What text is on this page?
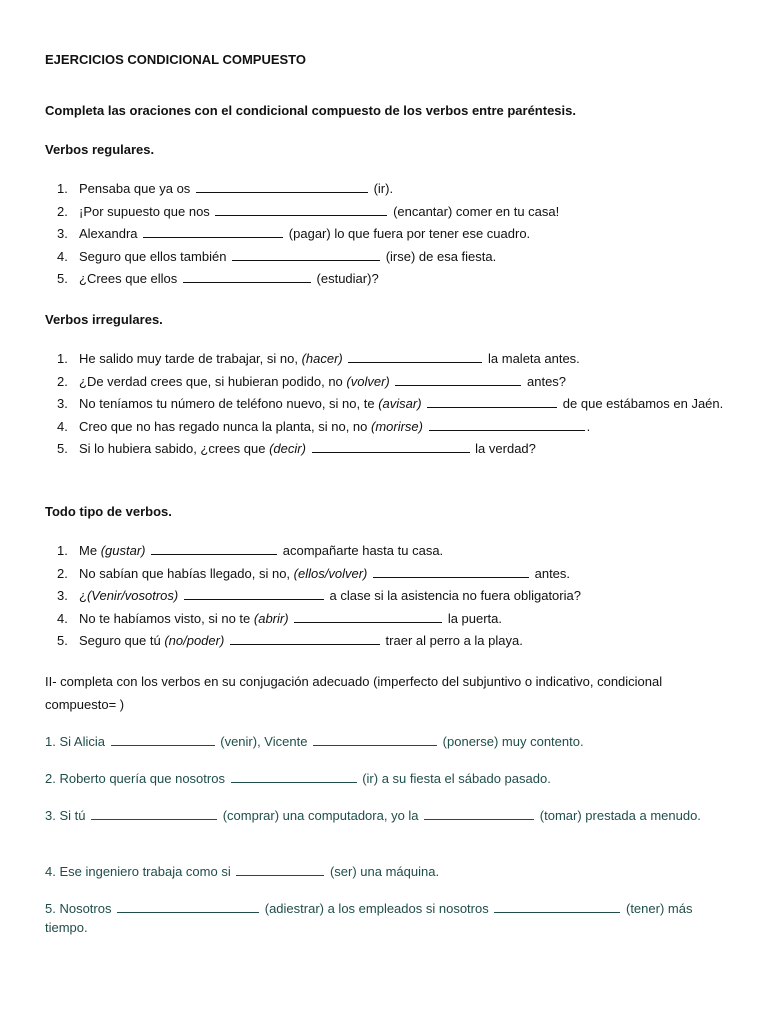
EJERCICIOS CONDICIONAL COMPUESTO
Completa las oraciones con el condicional compuesto de los verbos entre paréntesis.
Verbos regulares.
1. Pensaba que ya os	(ir).
2. ¡Por supuesto que nos	(encantar) comer en tu casa!
3. Alexandra	(pagar) lo que fuera por tener ese cuadro.
4. Seguro que ellos también	(irse) de esa fiesta.
5. ¿Crees que ellos	(estudiar)?
Verbos irregulares.
1. He salido muy tarde de trabajar, si no, (hacer)	la maleta antes.
2. ¿De verdad crees que, si hubieran podido, no (volver)	antes?
3. No teníamos tu número de teléfono nuevo, si no, te (avisar)	de que estábamos en Jaén.
4. Creo que no has regado nunca la planta, si no, no (morirse)	.
5. Si lo hubiera sabido, ¿crees que (decir)	la verdad?
Todo tipo de verbos.
1. Me (gustar)	acompañarte hasta tu casa.
2. No sabían que habías llegado, si no, (ellos/volver)	antes.
3. ¿(Venir/vosotros)	a clase si la asistencia no fuera obligatoria?
4. No te habíamos visto, si no te (abrir)	la puerta.
5. Seguro que tú (no/poder)	traer al perro a la playa.
II- completa con los verbos en su conjugación adecuado (imperfecto del subjuntivo o indicativo, condicional compuesto= )
1. Si Alicia	(venir), Vicente	(ponerse) muy contento.
2. Roberto quería que nosotros	(ir) a su fiesta el sábado pasado.
3. Si tú	(comprar) una computadora, yo la	(tomar) prestada a menudo.
4. Ese ingeniero trabaja como si	(ser) una máquina.
5. Nosotros	(adiestrar) a los empleados si nosotros	(tener) más tiempo.
